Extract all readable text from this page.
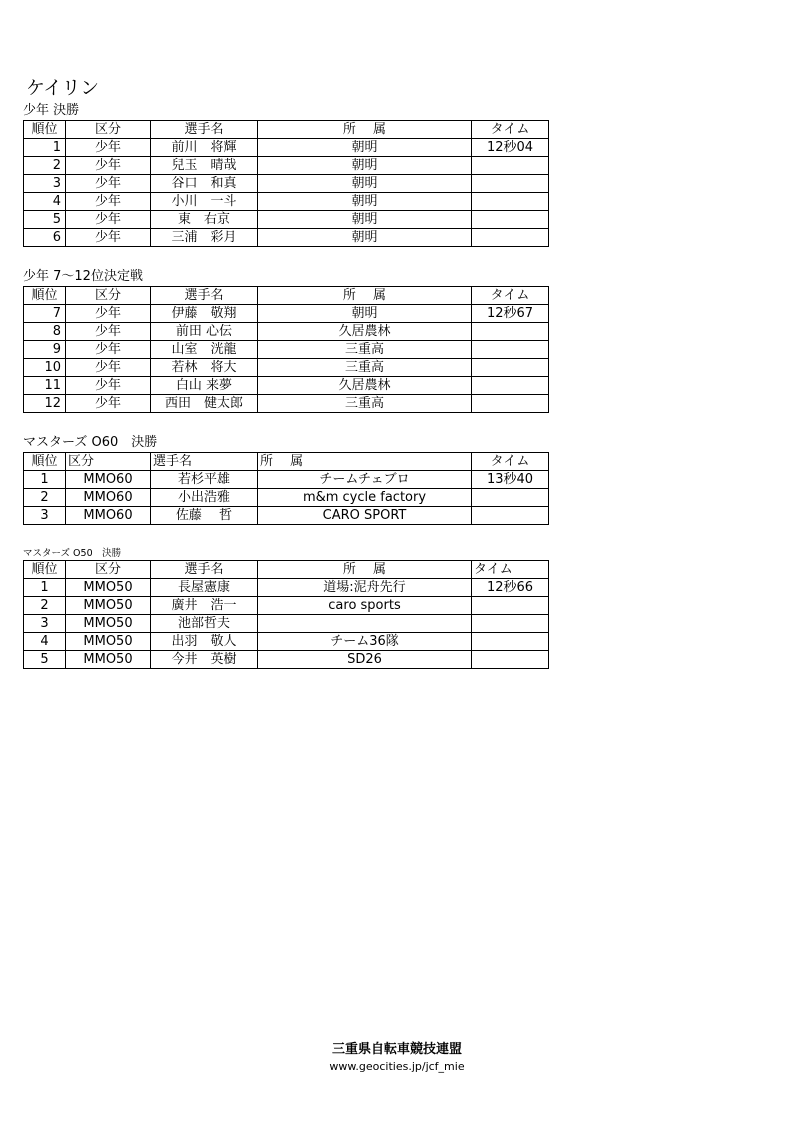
ケイリン
少年 決勝
順位	区分	選手名	所　 属	タイム
1	少年	前川　将輝	朝明	12秒04
2	少年	兒玉　晴哉	朝明	
3	少年	谷口　和真	朝明	
4	少年	小川　一斗	朝明	
5	少年	東　右京	朝明	
6	少年	三浦　彩月	朝明	
少年 7～12位決定戦
順位	区分	選手名	所　 属	タイム
7	少年	伊藤　敬翔	朝明	12秒67
8	少年	前田 心伝	久居農林	
9	少年	山室　洸龍	三重高	
10	少年	若林　将大	三重高	
11	少年	白山 来夢	久居農林	
12	少年	西田　健太郎	三重高	
マスターズ O60　決勝
順位	区分	選手名	所　 属	タイム
1	MMO60	若杉平雄	チームチェブロ	13秒40
2	MMO60	小出浩雅	m&m cycle factory	
3	MMO60	佐藤　 哲	CARO SPORT	
マスターズ O50　決勝
順位	区分	選手名	所　 属	タイム
1	MMO50	長屋憲康	道場:泥舟先行	12秒66
2	MMO50	廣井　浩一	caro sports	
3	MMO50	池部哲夫		
4	MMO50	出羽　敬人	チーム36隊	
5	MMO50	今井　英樹	SD26	
三重県自転車競技連盟
www.geocities.jp/jcf_mie
